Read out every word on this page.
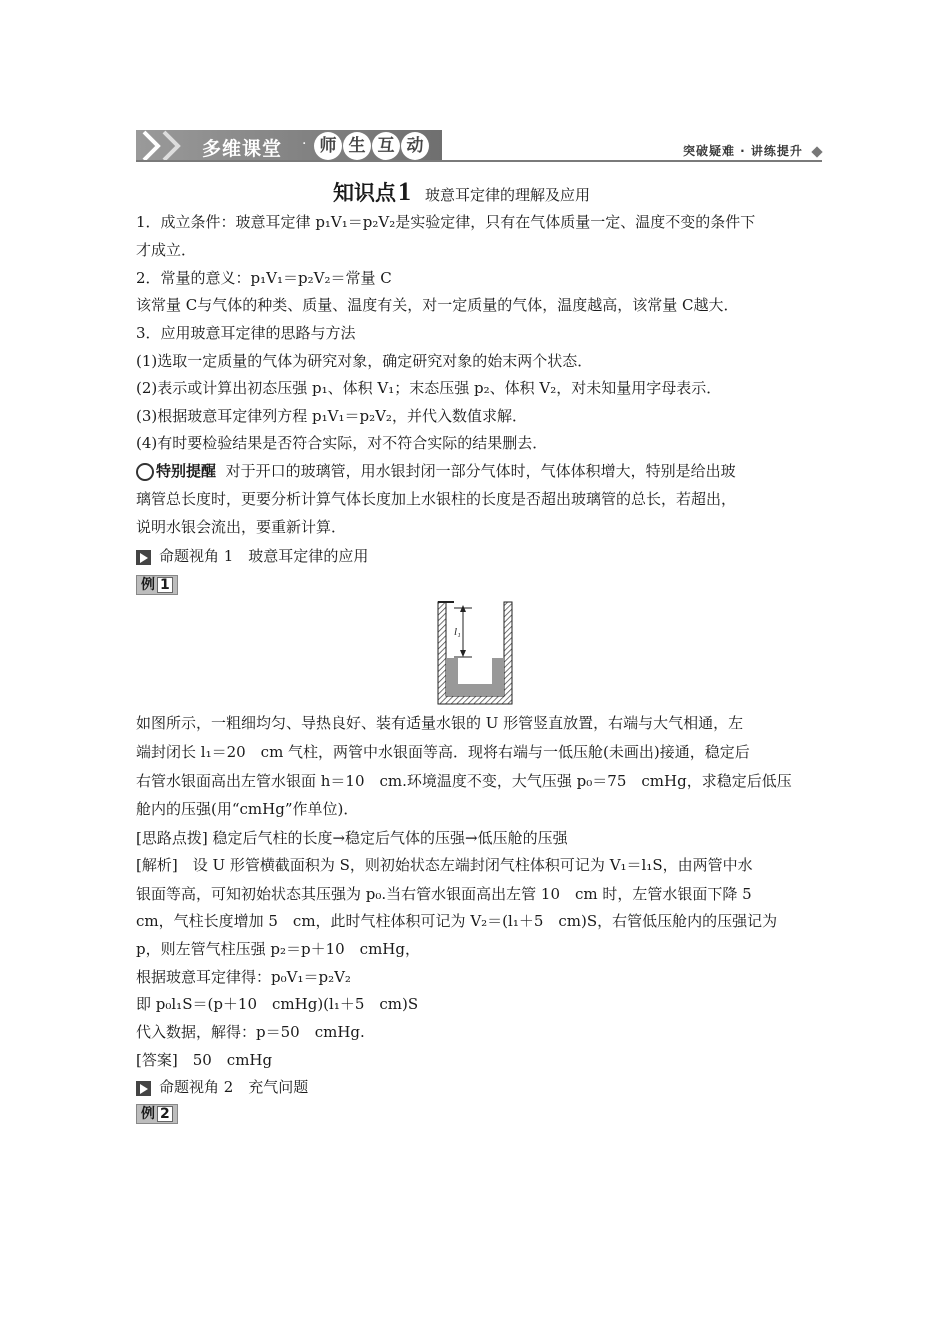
多维课堂 · 师 生 互 动	突破疑难 · 讲练提升
知识点1 玻意耳定律的理解及应用
1．成立条件：玻意耳定律 p₁V₁＝p₂V₂是实验定律，只有在气体质量一定、温度不变的条件下
才成立．
2．常量的意义：p₁V₁＝p₂V₂＝常量 C
该常量 C与气体的种类、质量、温度有关，对一定质量的气体，温度越高，该常量 C越大．
3．应用玻意耳定律的思路与方法
(1)选取一定质量的气体为研究对象，确定研究对象的始末两个状态．
(2)表示或计算出初态压强 p₁、体积 V₁；末态压强 p₂、体积 V₂，对未知量用字母表示．
(3)根据玻意耳定律列方程 p₁V₁＝p₂V₂，并代入数值求解．
(4)有时要检验结果是否符合实际，对不符合实际的结果删去．
特别提醒 对于开口的玻璃管，用水银封闭一部分气体时，气体体积增大，特别是给出玻
璃管总长度时，更要分析计算气体长度加上水银柱的长度是否超出玻璃管的总长，若超出，
说明水银会流出，要重新计算．
命题视角 1　玻意耳定律的应用
例 1
l₁
如图所示，一粗细均匀、导热良好、装有适量水银的 U 形管竖直放置，右端与大气相通，左
端封闭长 l₁＝20　cm 气柱，两管中水银面等高．现将右端与一低压舱(未画出)接通，稳定后
右管水银面高出左管水银面 h＝10　cm.环境温度不变，大气压强 p₀＝75　cmHg，求稳定后低压
舱内的压强(用“cmHg”作单位)．
[思路点拨] 稳定后气柱的长度→稳定后气体的压强→低压舱的压强
[解析]　设 U 形管横截面积为 S，则初始状态左端封闭气柱体积可记为 V₁＝l₁S，由两管中水
银面等高，可知初始状态其压强为 p₀.当右管水银面高出左管 10　cm 时，左管水银面下降 5
cm，气柱长度增加 5　cm，此时气柱体积可记为 V₂＝(l₁＋5　cm)S，右管低压舱内的压强记为
p，则左管气柱压强 p₂＝p＋10　cmHg，
根据玻意耳定律得：p₀V₁＝p₂V₂
即 p₀l₁S＝(p＋10　cmHg)(l₁＋5　cm)S
代入数据，解得：p＝50　cmHg.
[答案]　50　cmHg
命题视角 2　充气问题
例 2
